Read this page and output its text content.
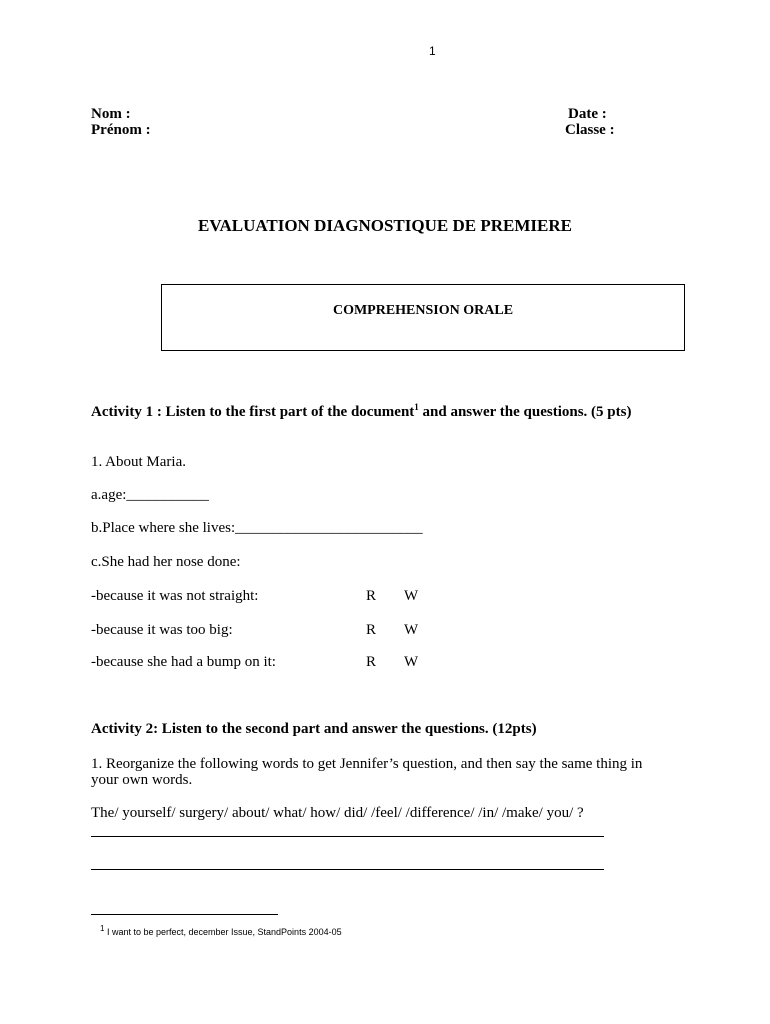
1
Nom :
Prénom :
Date :
Classe :
EVALUATION DIAGNOSTIQUE DE PREMIERE
COMPREHENSION ORALE
Activity 1 : Listen to the first part of the document$^1$ and answer the questions. (5 pts)
1. About Maria.
a.age:___________
b.Place where she lives:_________________________
c.She had her nose done:
-because it was not straight:	R W
-because it was too big:	R W
-because she had a bump on it:	R W
Activity 2: Listen to the second part and answer the questions. (12pts)
1. Reorganize the following words to get Jennifer’s question, and then say the same thing in
your own words.
The/ yourself/ surgery/ about/ what/ how/ did/ /feel/ /difference/ /in/ /make/ you/ ?
$^1$ I want to be perfect, december Issue, StandPoints 2004-05
